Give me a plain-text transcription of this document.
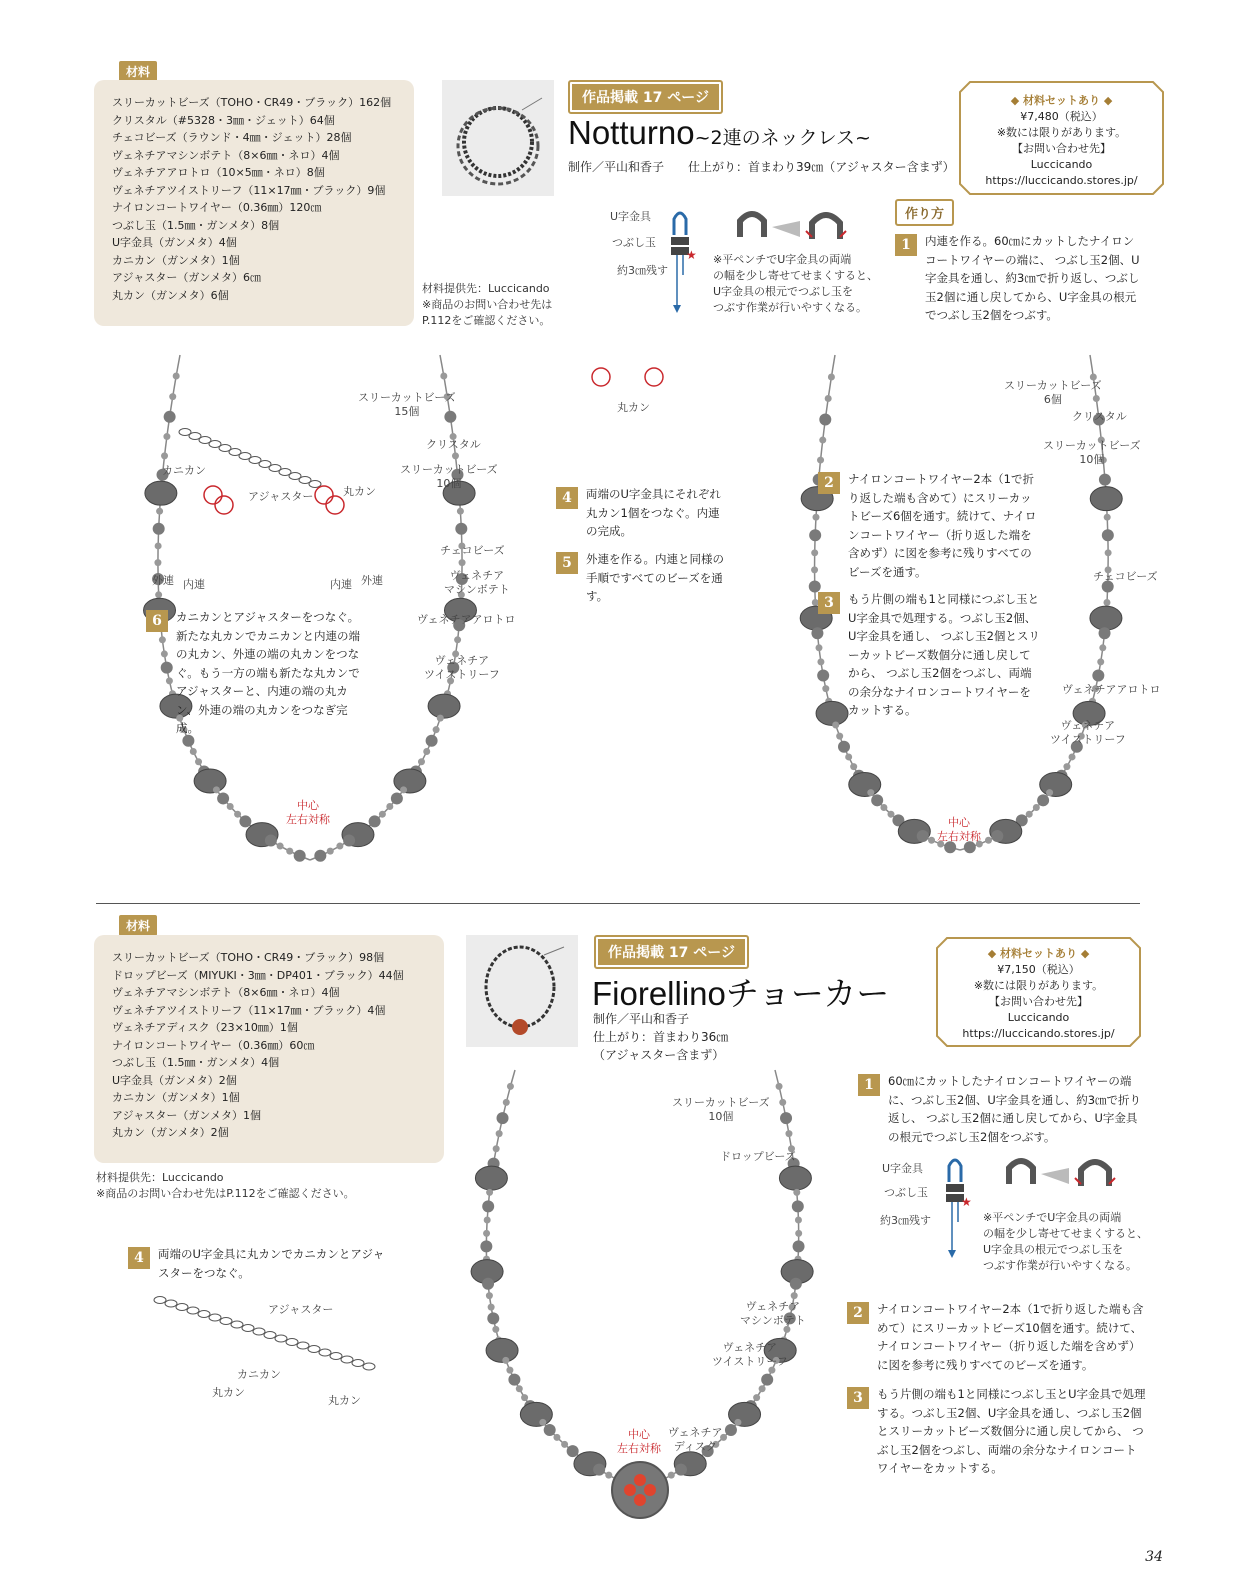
材料
スリーカットビーズ（TOHO・CR49・ブラック）162個
クリスタル（#5328・3㎜・ジェット）64個
チェコビーズ（ラウンド・4㎜・ジェット）28個
ヴェネチアマシンボテト（8×6㎜・ネロ）4個
ヴェネチアアロトロ（10×5㎜・ネロ）8個
ヴェネチアツイストリーフ（11×17㎜・ブラック）9個
ナイロンコートワイヤー（0.36㎜）120㎝
つぶし玉（1.5㎜・ガンメタ）8個
U字金具（ガンメタ）4個
カニカン（ガンメタ）1個
アジャスター（ガンメタ）6㎝
丸カン（ガンメタ）6個	材料提供先：Luccicando
※商品のお問い合わせ先は
P.112をご確認ください。
作品掲載 17 ページ
Notturno~2連のネックレス~
制作／平山和香子　　 仕上がり：首まわり39㎝（アジャスター含まず）
◆ 材料セットあり ◆
¥7,480（税込）
※数には限りがあります。
【お問い合わせ先】
Luccicando
https://luccicando.stores.jp/
作り方
U字金具
つぶし玉
約3㎝残す
★ ※平ペンチでU字金具の両端
の幅を少し寄せてせまくすると、
U字金具の根元でつぶし玉を
つぶす作業が行いやすくなる。
1	内連を作る。60㎝にカットしたナイロンコートワイヤーの端に、 つぶし玉2個、U字金具を通し、約3㎝で折り返し、つぶし玉2個に通し戻してから、U字金具の根元でつぶし玉2個をつぶす。
2	ナイロンコートワイヤー2本（1で折り返した端も含めて）にスリーカットビーズ6個を通す。続けて、ナイロンコートワイヤー（折り返した端を含めず）に図を参考に残りすべてのビーズを通す。
3	もう片側の端も1と同様につぶし玉とU字金具で処理する。つぶし玉2個、U字金具を通し、 つぶし玉2個とスリーカットビーズ数個分に通し戻してから、 つぶし玉2個をつぶし、両端の余分なナイロンコートワイヤーをカットする。
4	両端のU字金具にそれぞれ丸カン1個をつなぐ。内連の完成。
5	外連を作る。内連と同様の手順ですべてのビーズを通す。
6	カニカンとアジャスターをつなぐ。新たな丸カンでカニカンと内連の端の丸カン、外連の端の丸カンをつなぐ。もう一方の端も新たな丸カンでアジャスターと、内連の端の丸カン、外連の端の丸カンをつなぎ完成。
スリーカットビーズ
15個
クリスタル
スリーカットビーズ
10個
チェコビーズ
ヴェネチア
マシンボテト
ヴェネチアアロトロ
ヴェネチア
ツイストリーフ
中心
左右対称
カニカン
アジャスター	丸カン
外連 内連	内連 外連
丸カン
スリーカットビーズ
6個
クリスタル
スリーカットビーズ
10個
チェコビーズ
ヴェネチアアロトロ
ヴェネチア
ツイストリーフ
中心
左右対称
材料
スリーカットビーズ（TOHO・CR49・ブラック）98個
ドロップビーズ（MIYUKI・3㎜・DP401・ブラック）44個
ヴェネチアマシンボテト（8×6㎜・ネロ）4個
ヴェネチアツイストリーフ（11×17㎜・ブラック）4個
ヴェネチアディスク（23×10㎜）1個
ナイロンコートワイヤー（0.36㎜）60㎝
つぶし玉（1.5㎜・ガンメタ）4個
U字金具（ガンメタ）2個
カニカン（ガンメタ）1個
アジャスター（ガンメタ）1個
丸カン（ガンメタ）2個
材料提供先：Luccicando
※商品のお問い合わせ先はP.112をご確認ください。
作品掲載 17 ページ
Fiorellinoチョーカー
制作／平山和香子
仕上がり：首まわり36㎝
（アジャスター含まず）
◆ 材料セットあり ◆
¥7,150（税込）
※数には限りがあります。
【お問い合わせ先】
Luccicando
https://luccicando.stores.jp/
1	60㎝にカットしたナイロンコートワイヤーの端に、つぶし玉2個、U字金具を通し、約3㎝で折り返し、 つぶし玉2個に通し戻してから、U字金具の根元でつぶし玉2個をつぶす。
U字金具
つぶし玉
約3㎝残す
★
※平ペンチでU字金具の両端
の幅を少し寄せてせまくすると、
U字金具の根元でつぶし玉を
つぶす作業が行いやすくなる。
2	ナイロンコートワイヤー2本（1で折り返した端も含めて）にスリーカットビーズ10個を通す。続けて、ナイロンコートワイヤー（折り返した端を含めず）に図を参考に残りすべてのビーズを通す。
3	もう片側の端も1と同様につぶし玉とU字金具で処理する。つぶし玉2個、U字金具を通し、つぶし玉2個とスリーカットビーズ数個分に通し戻してから、 つぶし玉2個をつぶし、両端の余分なナイロンコートワイヤーをカットする。
4	両端のU字金具に丸カンでカニカンとアジャスターをつなぐ。
スリーカットビーズ
10個
ドロップビーズ
ヴェネチア
マシンボテト
ヴェネチア
ツイストリーフ
中心
左右対称
ヴェネチア
ディスク
アジャスター
カニカン
丸カン
丸カン
34
